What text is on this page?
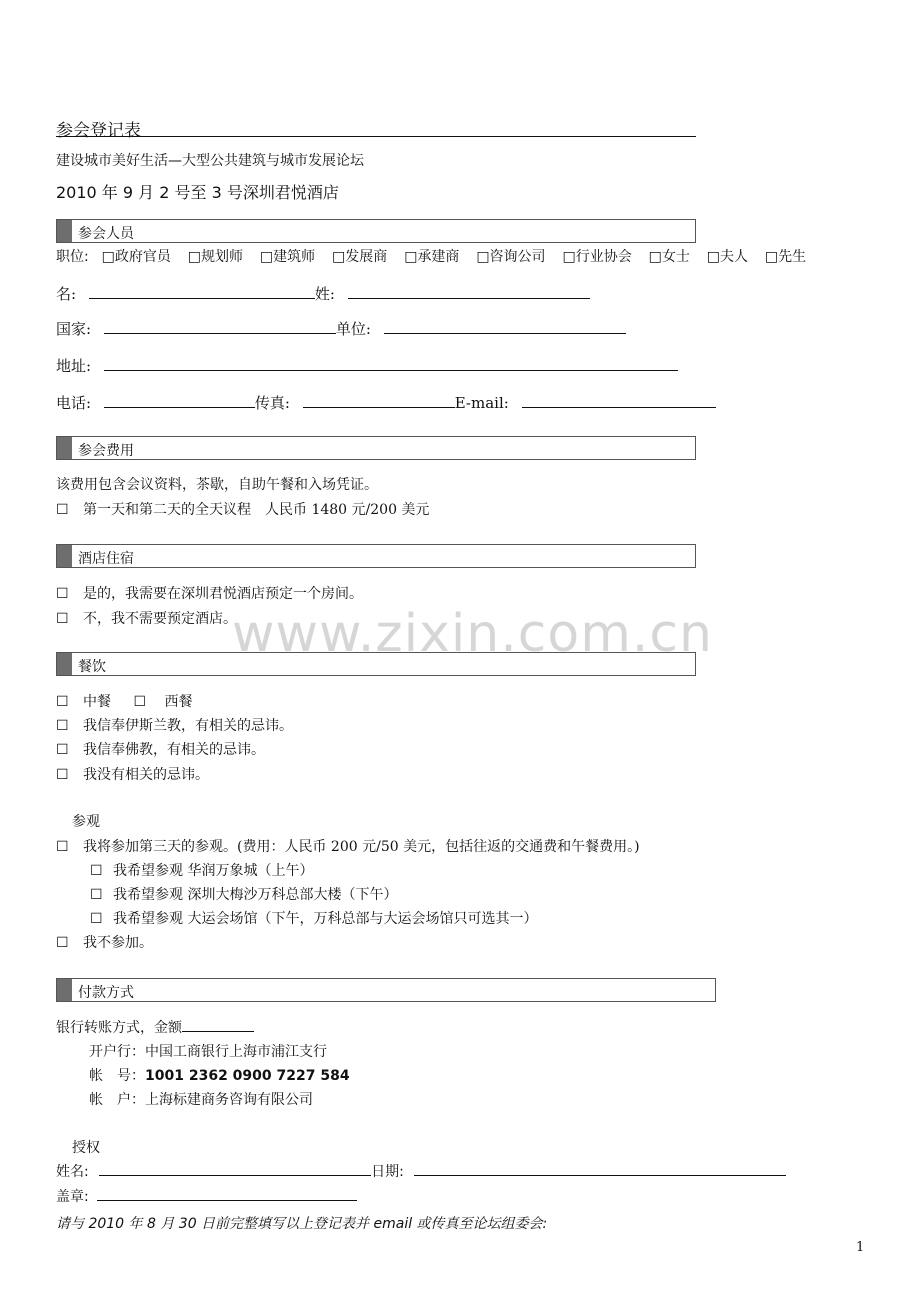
www.zixin.com.cn
参会登记表
建设城市美好生活—大型公共建筑与城市发展论坛
2010 年 9 月 2 号至 3 号深圳君悦酒店
参会人员
职位: □政府官员 □规划师 □建筑师 □发展商 □承建商 □咨询公司 □行业协会 □女士 □夫人 □先生
名:	姓:
国家:	单位:
地址:
电话:	传真:	E-mail:
参会费用
该费用包含会议资料，茶歇，自助午餐和入场凭证。
☐ 第一天和第二天的全天议程　人民币 1480 元/200 美元
酒店住宿
☐ 是的，我需要在深圳君悦酒店预定一个房间。
☐ 不，我不需要预定酒店。
餐饮
☐ 中餐 ☐ 西餐
☐ 我信奉伊斯兰教，有相关的忌讳。
☐ 我信奉佛教，有相关的忌讳。
☐ 我没有相关的忌讳。
参观
☐ 我将参加第三天的参观。(费用：人民币 200 元/50 美元，包括往返的交通费和午餐费用。)
☐ 我希望参观 华润万象城（上午）
☐ 我希望参观 深圳大梅沙万科总部大楼（下午）
☐ 我希望参观 大运会场馆（下午，万科总部与大运会场馆只可选其一）
☐ 我不参加。
付款方式
银行转账方式，金额
开户行：中国工商银行上海市浦江支行
帐　号：1001 2362 0900 7227 584
帐　户：上海标建商务咨询有限公司
授权
姓名:	日期:
盖章:
请与 2010 年 8 月 30 日前完整填写以上登记表并 email 或传真至论坛组委会:
1
